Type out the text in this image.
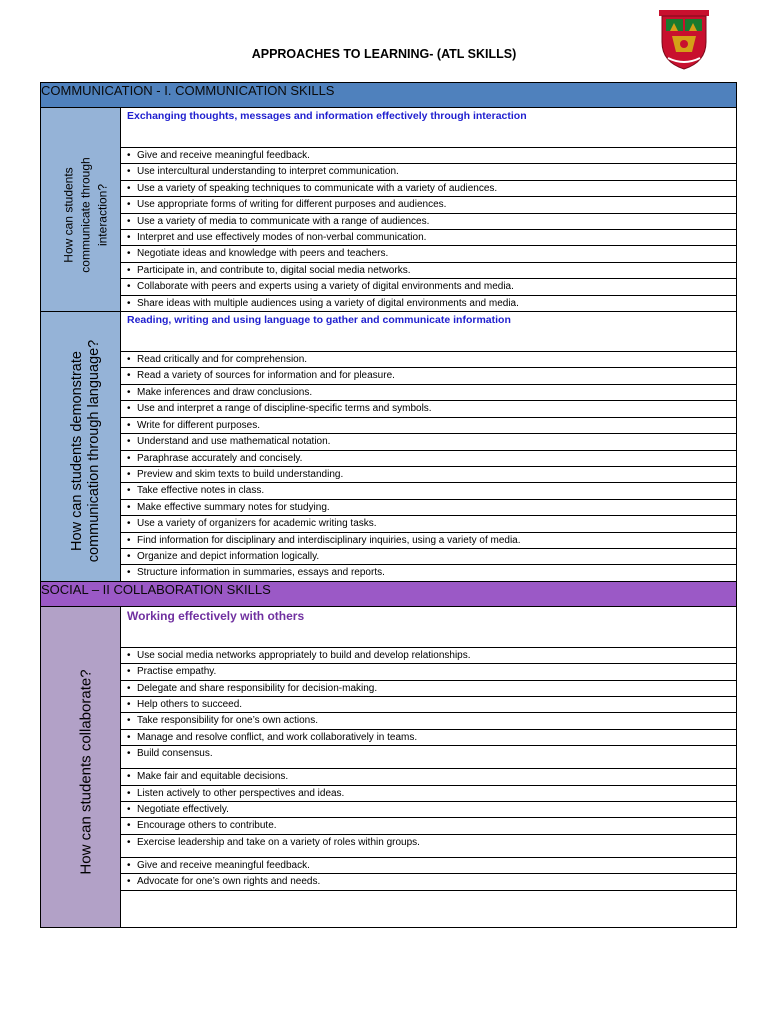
APPROACHES TO LEARNING- (ATL SKILLS)
COMMUNICATION - I. COMMUNICATION SKILLS	

How can students communicate through interaction?	Exchanging thoughts, messages and information effectively through interaction
	• Give and receive meaningful feedback.
	• Use intercultural understanding to interpret communication.
	• Use a variety of speaking techniques to communicate with a variety of audiences.
	• Use appropriate forms of writing for different purposes and audiences.
	• Use a variety of media to communicate with a range of audiences.
	• Interpret and use effectively modes of non-verbal communication.
	• Negotiate ideas and knowledge with peers and teachers.
	• Participate in, and contribute to, digital social media networks.
	• Collaborate with peers and experts using a variety of digital environments and media.
	• Share ideas with multiple audiences using a variety of digital environments and media.

How can students demonstrate communication through language?	Reading, writing and using language to gather and communicate information
	• Read critically and for comprehension.
	• Read a variety of sources for information and for pleasure.
	• Make inferences and draw conclusions.
	• Use and interpret a range of discipline-specific terms and symbols.
	• Write for different purposes.
	• Understand and use mathematical notation.
	• Paraphrase accurately and concisely.
	• Preview and skim texts to build understanding.
	• Take effective notes in class.
	• Make effective summary notes for studying.
	• Use a variety of organizers for academic writing tasks.
	• Find information for disciplinary and interdisciplinary inquiries, using a variety of media.
	• Organize and depict information logically.
	• Structure information in summaries, essays and reports.
SOCIAL – II COLLABORATION SKILLS	

How can students collaborate?	Working effectively with others
	• Use social media networks appropriately to build and develop relationships.
	• Practise empathy.
	• Delegate and share responsibility for decision-making.
	• Help others to succeed.
	• Take responsibility for one’s own actions.
	• Manage and resolve conflict, and work collaboratively in teams.
	• Build consensus.
	• Make fair and equitable decisions.
	• Listen actively to other perspectives and ideas.
	• Negotiate effectively.
	• Encourage others to contribute.
	• Exercise leadership and take on a variety of roles within groups.
	• Give and receive meaningful feedback.
	• Advocate for one’s own rights and needs.
